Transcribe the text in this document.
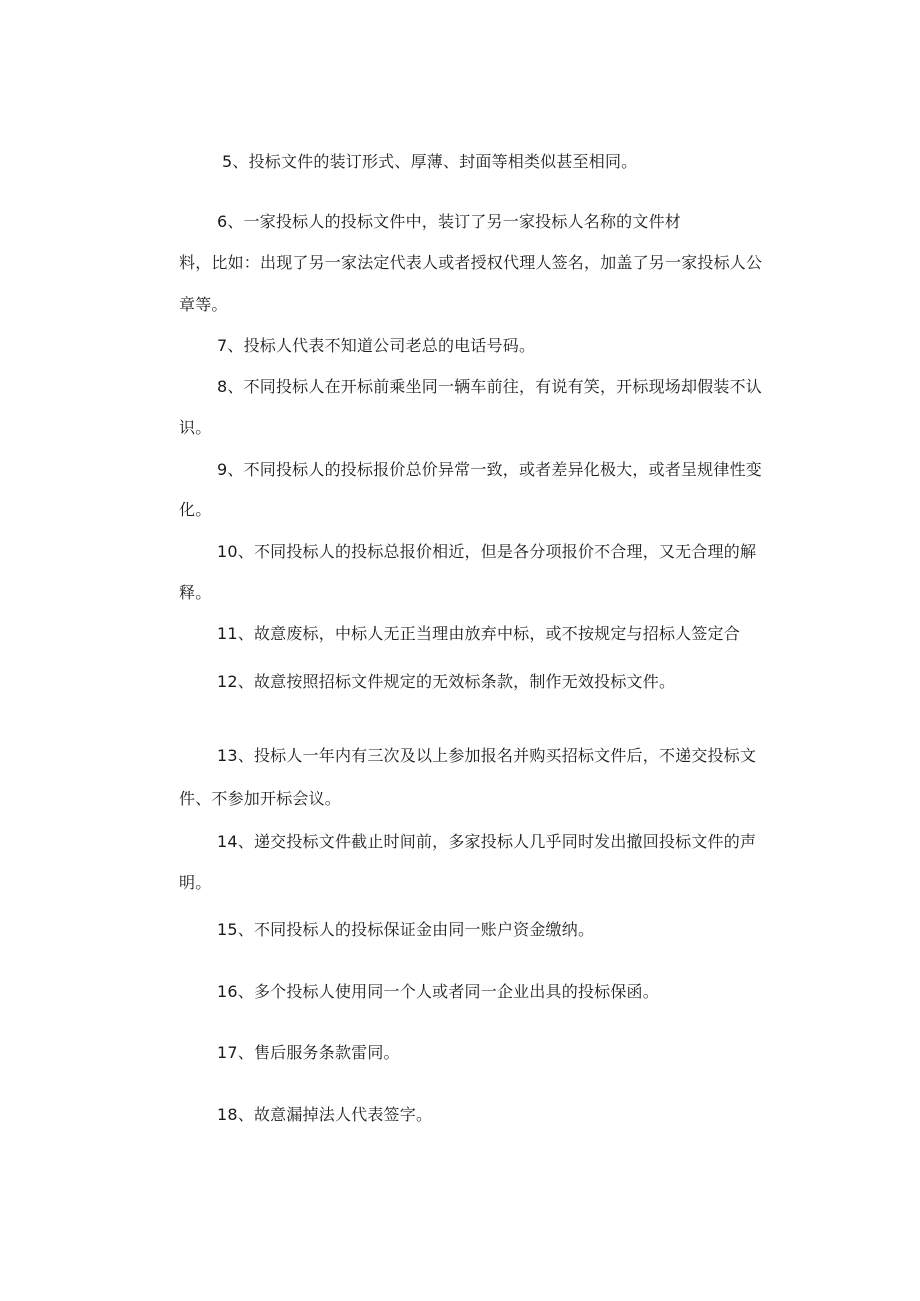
5、投标文件的装订形式、厚薄、封面等相类似甚至相同。
6、一家投标人的投标文件中，装订了另一家投标人名称的文件材
料，比如：出现了另一家法定代表人或者授权代理人签名，加盖了另一家投标人公
章等。
7、投标人代表不知道公司老总的电话号码。
8、不同投标人在开标前乘坐同一辆车前往，有说有笑，开标现场却假装不认
识。
9、不同投标人的投标报价总价异常一致，或者差异化极大，或者呈规律性变
化。
10、不同投标人的投标总报价相近，但是各分项报价不合理，又无合理的解
释。
11、故意废标，中标人无正当理由放弃中标，或不按规定与招标人签定合
12、故意按照招标文件规定的无效标条款，制作无效投标文件。
13、投标人一年内有三次及以上参加报名并购买招标文件后，不递交投标文
件、不参加开标会议。
14、递交投标文件截止时间前，多家投标人几乎同时发出撤回投标文件的声
明。
15、不同投标人的投标保证金由同一账户资金缴纳。
16、多个投标人使用同一个人或者同一企业出具的投标保函。
17、售后服务条款雷同。
18、故意漏掉法人代表签字。
